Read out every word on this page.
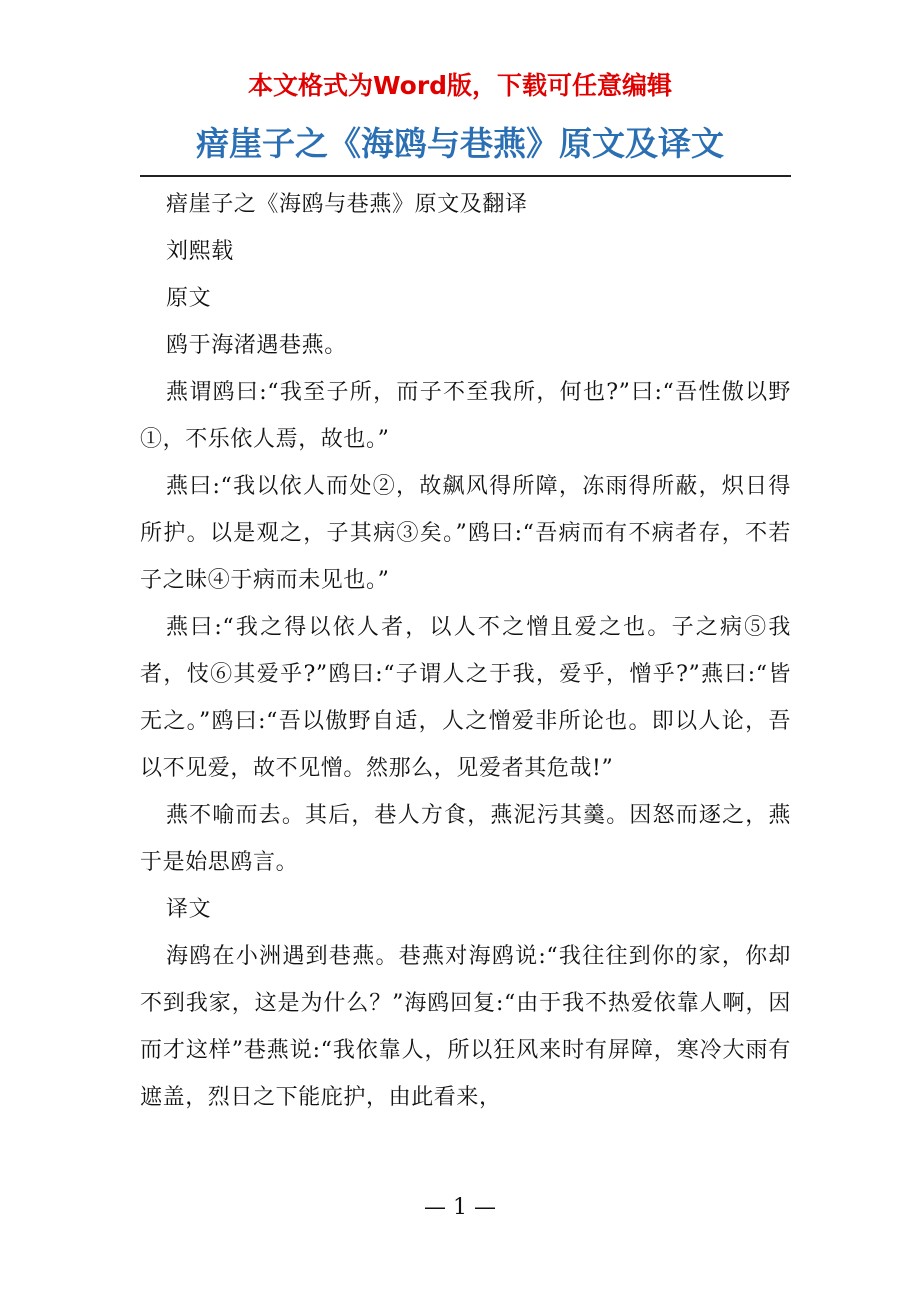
本文格式为Word版，下载可任意编辑
瘖崖子之《海鸥与巷燕》原文及译文

瘖崖子之《海鸥与巷燕》原文及翻译

刘熙载

原文

鸥于海渚遇巷燕。

燕谓鸥曰:“我至子所，而子不至我所，何也?”曰:“吾性傲以野①，不乐依人焉，故也。”

燕曰:“我以依人而处②，故飙风得所障，冻雨得所蔽，炽日得所护。以是观之，子其病③矣。”鸥曰:“吾病而有不病者存，不若子之昧④于病而未见也。”

燕曰:“我之得以依人者，以人不之憎且爱之也。子之病⑤我者，忮⑥其爱乎?”鸥曰:“子谓人之于我，爱乎，憎乎?”燕曰:“皆无之。”鸥曰:“吾以傲野自适，人之憎爱非所论也。即以人论，吾以不见爱，故不见憎。然那么，见爱者其危哉!”

燕不喻而去。其后，巷人方食，燕泥污其羹。因怒而逐之，燕于是始思鸥言。

译文

海鸥在小洲遇到巷燕。巷燕对海鸥说:“我往往到你的家，你却不到我家，这是为什么？”海鸥回复:“由于我不热爱依靠人啊，因而才这样”巷燕说:“我依靠人，所以狂风来时有屏障，寒冷大雨有遮盖，烈日之下能庇护，由此看来，

— 1 —
